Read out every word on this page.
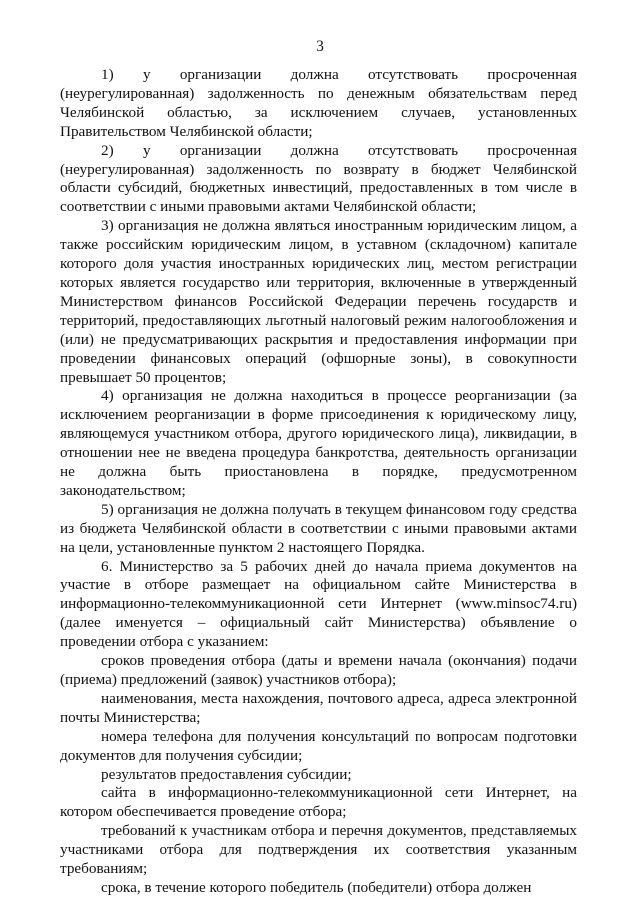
3

1) у организации должна отсутствовать просроченная (неурегулированная) задолженность по денежным обязательствам перед Челябинской областью, за исключением случаев, установленных Правительством Челябинской области;

2) у организации должна отсутствовать просроченная (неурегулированная) задолженность по возврату в бюджет Челябинской области субсидий, бюджетных инвестиций, предоставленных в том числе в соответствии с иными правовыми актами Челябинской области;

3) организация не должна являться иностранным юридическим лицом, а также российским юридическим лицом, в уставном (складочном) капитале которого доля участия иностранных юридических лиц, местом регистрации которых является государство или территория, включенные в утвержденный Министерством финансов Российской Федерации перечень государств и территорий, предоставляющих льготный налоговый режим налогообложения и (или) не предусматривающих раскрытия и предоставления информации при проведении финансовых операций (офшорные зоны), в совокупности превышает 50 процентов;

4) организация не должна находиться в процессе реорганизации (за исключением реорганизации в форме присоединения к юридическому лицу, являющемуся участником отбора, другого юридического лица), ликвидации, в отношении нее не введена процедура банкротства, деятельность организации не должна быть приостановлена в порядке, предусмотренном законодательством;

5) организация не должна получать в текущем финансовом году средства из бюджета Челябинской области в соответствии с иными правовыми актами на цели, установленные пунктом 2 настоящего Порядка.

6. Министерство за 5 рабочих дней до начала приема документов на участие в отборе размещает на официальном сайте Министерства в информационно-телекоммуникационной сети Интернет (www.minsoc74.ru) (далее именуется – официальный сайт Министерства) объявление о проведении отбора с указанием:

сроков проведения отбора (даты и времени начала (окончания) подачи (приема) предложений (заявок) участников отбора);

наименования, места нахождения, почтового адреса, адреса электронной почты Министерства;

номера телефона для получения консультаций по вопросам подготовки документов для получения субсидии;

результатов предоставления субсидии;

сайта в информационно-телекоммуникационной сети Интернет, на котором обеспечивается проведение отбора;

требований к участникам отбора и перечня документов, представляемых участниками отбора для подтверждения их соответствия указанным требованиям;

срока, в течение которого победитель (победители) отбора должен
